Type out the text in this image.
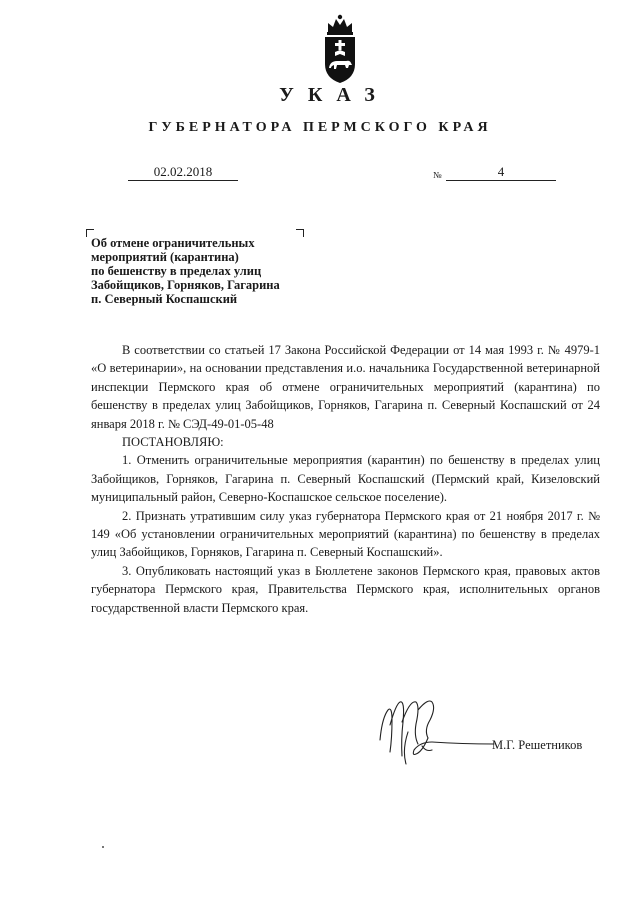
УКАЗ
ГУБЕРНАТОРА ПЕРМСКОГО КРАЯ
02.02.2018	№	4
Об отмене ограничительных
мероприятий (карантина)
по бешенству в пределах улиц
Забойщиков, Горняков, Гагарина
п. Северный Коспашский

В соответствии со статьей 17 Закона Российской Федерации от 14 мая 1993 г. № 4979-1 «О ветеринарии», на основании представления и.о. начальника Государственной ветеринарной инспекции Пермского края об отмене ограничительных мероприятий (карантина) по бешенству в пределах улиц Забойщиков, Горняков, Гагарина п. Северный Коспашский от 24 января 2018 г. № СЭД-49-01-05-48

ПОСТАНОВЛЯЮ:

1. Отменить ограничительные мероприятия (карантин) по бешенству в пределах улиц Забойщиков, Горняков, Гагарина п. Северный Коспашский (Пермский край, Кизеловский муниципальный район, Северно-Коспашское сельское поселение).

2. Признать утратившим силу указ губернатора Пермского края от 21 ноября 2017 г. № 149 «Об установлении ограничительных мероприятий (карантина) по бешенству в пределах улиц Забойщиков, Горняков, Гагарина п. Северный Коспашский».

3. Опубликовать настоящий указ в Бюллетене законов Пермского края, правовых актов губернатора Пермского края, Правительства Пермского края, исполнительных органов государственной власти Пермского края.

М.Г. Решетников
